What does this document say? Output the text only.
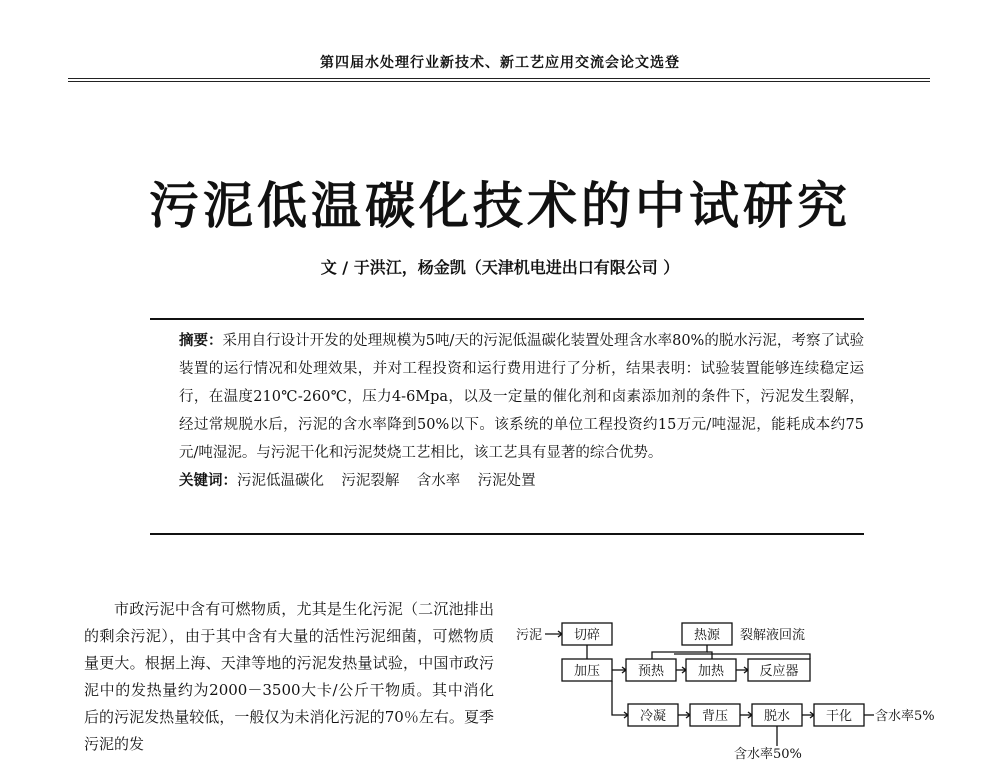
第四届水处理行业新技术、新工艺应用交流会论文选登
污泥低温碳化技术的中试研究
文 / 于洪江，杨金凯（天津机电进出口有限公司 ）
摘要：采用自行设计开发的处理规模为5吨/天的污泥低温碳化装置处理含水率80%的脱水污泥，考察了试验装置的运行情况和处理效果，并对工程投资和运行费用进行了分析，结果表明：试验装置能够连续稳定运行，在温度210℃-260℃，压力4-6Mpa，以及一定量的催化剂和卤素添加剂的条件下，污泥发生裂解，经过常规脱水后，污泥的含水率降到50%以下。该系统的单位工程投资约15万元/吨湿泥，能耗成本约75元/吨湿泥。与污泥干化和污泥焚烧工艺相比，该工艺具有显著的综合优势。
关键词：污泥低温碳化 污泥裂解 含水率 污泥处置

市政污泥中含有可燃物质，尤其是生化污泥（二沉池排出的剩余污泥），由于其中含有大量的活性污泥细菌，可燃物质量更大。根据上海、天津等地的污泥发热量试验，中国市政污泥中的发热量约为2000－3500大卡/公斤干物质。其中消化后的污泥发热量较低，一般仅为未消化污泥的70％左右。夏季污泥的发

污泥 切碎	热源 裂解液回流
加压	预热	加热	反应器
冷凝	背压	脱水	干化 含水率5%
含水率50%
